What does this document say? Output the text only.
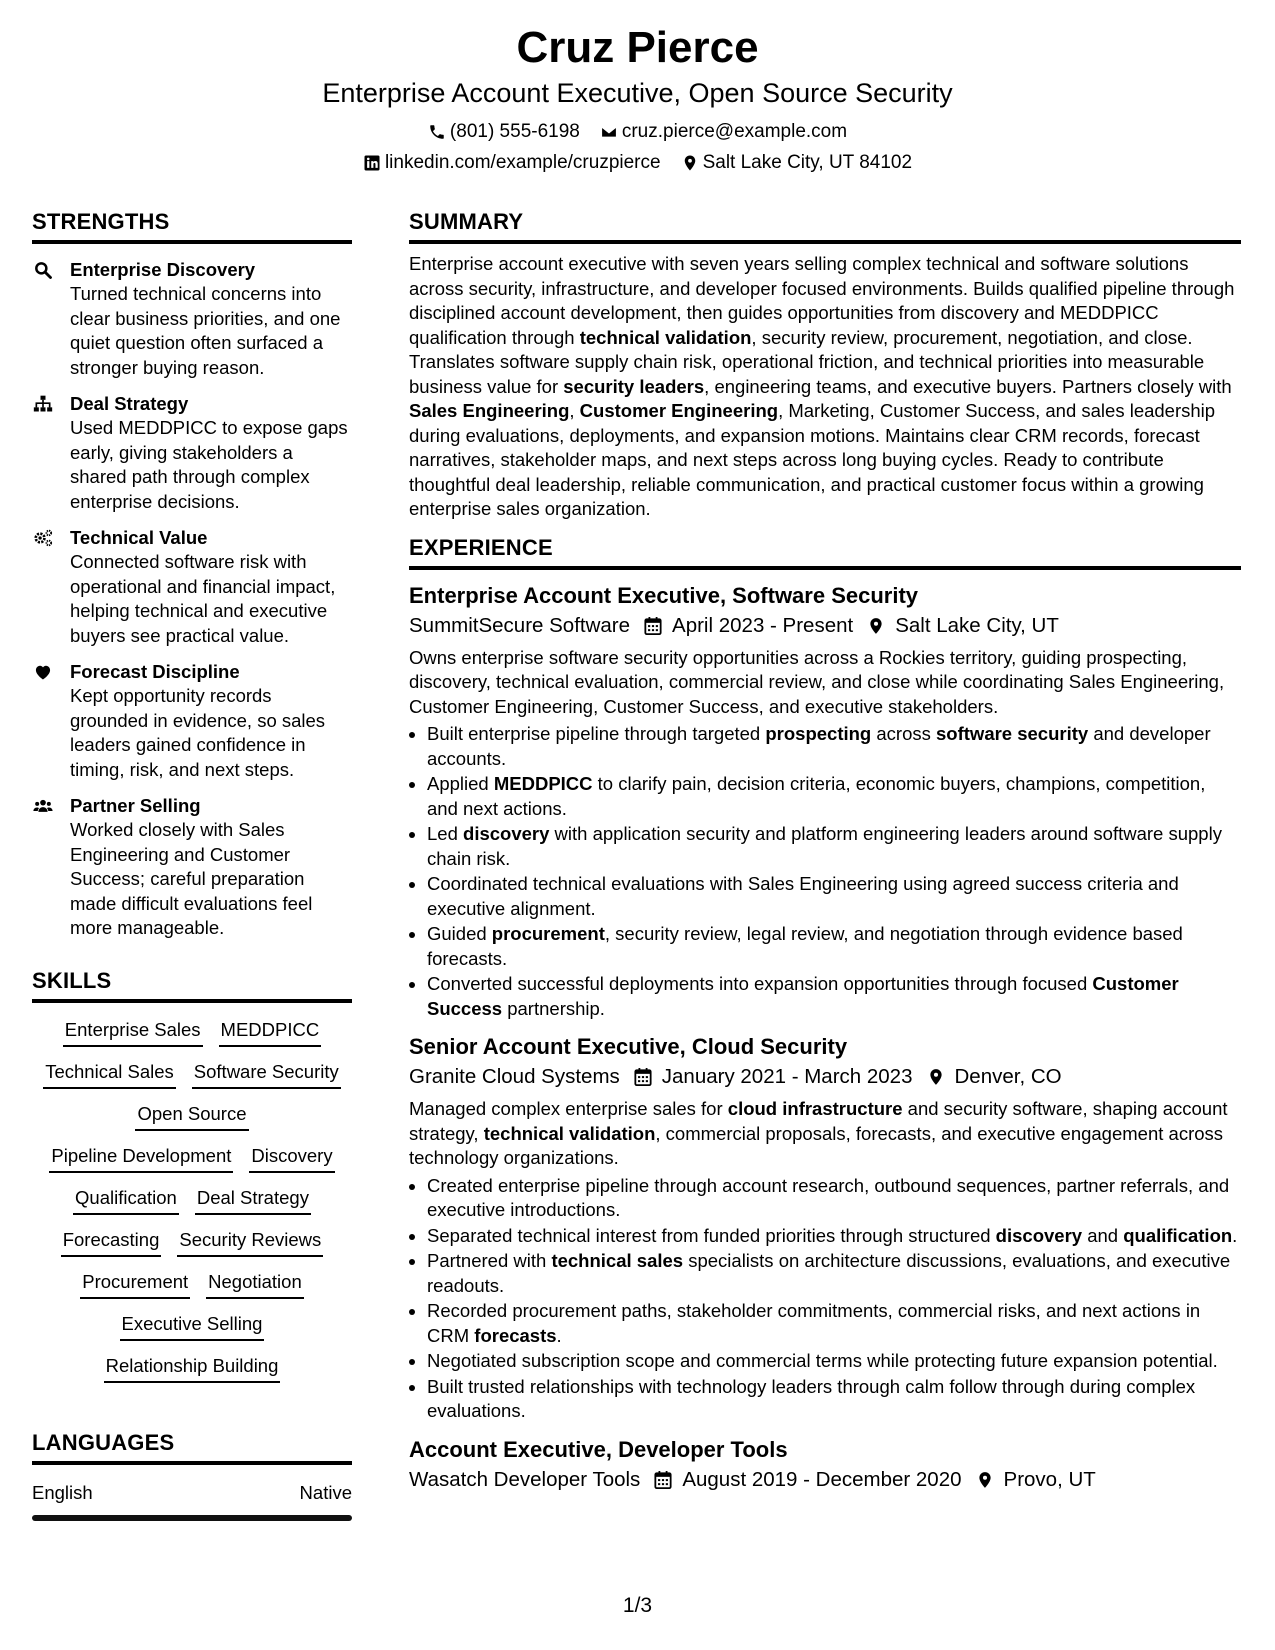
Cruz Pierce
Enterprise Account Executive, Open Source Security
(801) 555-6198 cruz.pierce@example.com
linkedin.com/example/cruzpierce Salt Lake City, UT 84102
STRENGTHS
Enterprise Discovery
Turned technical concerns into clear business priorities, and one quiet question often surfaced a stronger buying reason.
Deal Strategy
Used MEDDPICC to expose gaps early, giving stakeholders a shared path through complex enterprise decisions.
Technical Value
Connected software risk with operational and financial impact, helping technical and executive buyers see practical value.
Forecast Discipline
Kept opportunity records grounded in evidence, so sales leaders gained confidence in timing, risk, and next steps.
Partner Selling
Worked closely with Sales Engineering and Customer Success; careful preparation made difficult evaluations feel more manageable.
SKILLS
Enterprise Sales MEDDPICC
Technical Sales Software Security
Open Source
Pipeline Development Discovery
Qualification Deal Strategy
Forecasting Security Reviews
Procurement Negotiation
Executive Selling
Relationship Building
LANGUAGES
English	Native
SUMMARY

Enterprise account executive with seven years selling complex technical and software solutions across security, infrastructure, and developer focused environments. Builds qualified pipeline through disciplined account development, then guides opportunities from discovery and MEDDPICC qualification through technical validation, security review, procurement, negotiation, and close. Translates software supply chain risk, operational friction, and technical priorities into measurable business value for security leaders, engineering teams, and executive buyers. Partners closely with Sales Engineering, Customer Engineering, Marketing, Customer Success, and sales leadership during evaluations, deployments, and expansion motions. Maintains clear CRM records, forecast narratives, stakeholder maps, and next steps across long buying cycles. Ready to contribute thoughtful deal leadership, reliable communication, and practical customer focus within a growing enterprise sales organization.

EXPERIENCE
Enterprise Account Executive, Software Security
SummitSecure Software April 2023 - Present Salt Lake City, UT

Owns enterprise software security opportunities across a Rockies territory, guiding prospecting, discovery, technical evaluation, commercial review, and close while coordinating Sales Engineering, Customer Engineering, Customer Success, and executive stakeholders.

• Built enterprise pipeline through targeted prospecting across software security and developer accounts.
• Applied MEDDPICC to clarify pain, decision criteria, economic buyers, champions, competition, and next actions.
• Led discovery with application security and platform engineering leaders around software supply chain risk.
• Coordinated technical evaluations with Sales Engineering using agreed success criteria and executive alignment.
• Guided procurement, security review, legal review, and negotiation through evidence based forecasts.
• Converted successful deployments into expansion opportunities through focused Customer Success partnership.
Senior Account Executive, Cloud Security
Granite Cloud Systems January 2021 - March 2023 Denver, CO

Managed complex enterprise sales for cloud infrastructure and security software, shaping account strategy, technical validation, commercial proposals, forecasts, and executive engagement across technology organizations.

• Created enterprise pipeline through account research, outbound sequences, partner referrals, and executive introductions.
• Separated technical interest from funded priorities through structured discovery and qualification.
• Partnered with technical sales specialists on architecture discussions, evaluations, and executive readouts.
• Recorded procurement paths, stakeholder commitments, commercial risks, and next actions in CRM forecasts.
• Negotiated subscription scope and commercial terms while protecting future expansion potential.
• Built trusted relationships with technology leaders through calm follow through during complex evaluations.
Account Executive, Developer Tools
Wasatch Developer Tools August 2019 - December 2020 Provo, UT
1/3
